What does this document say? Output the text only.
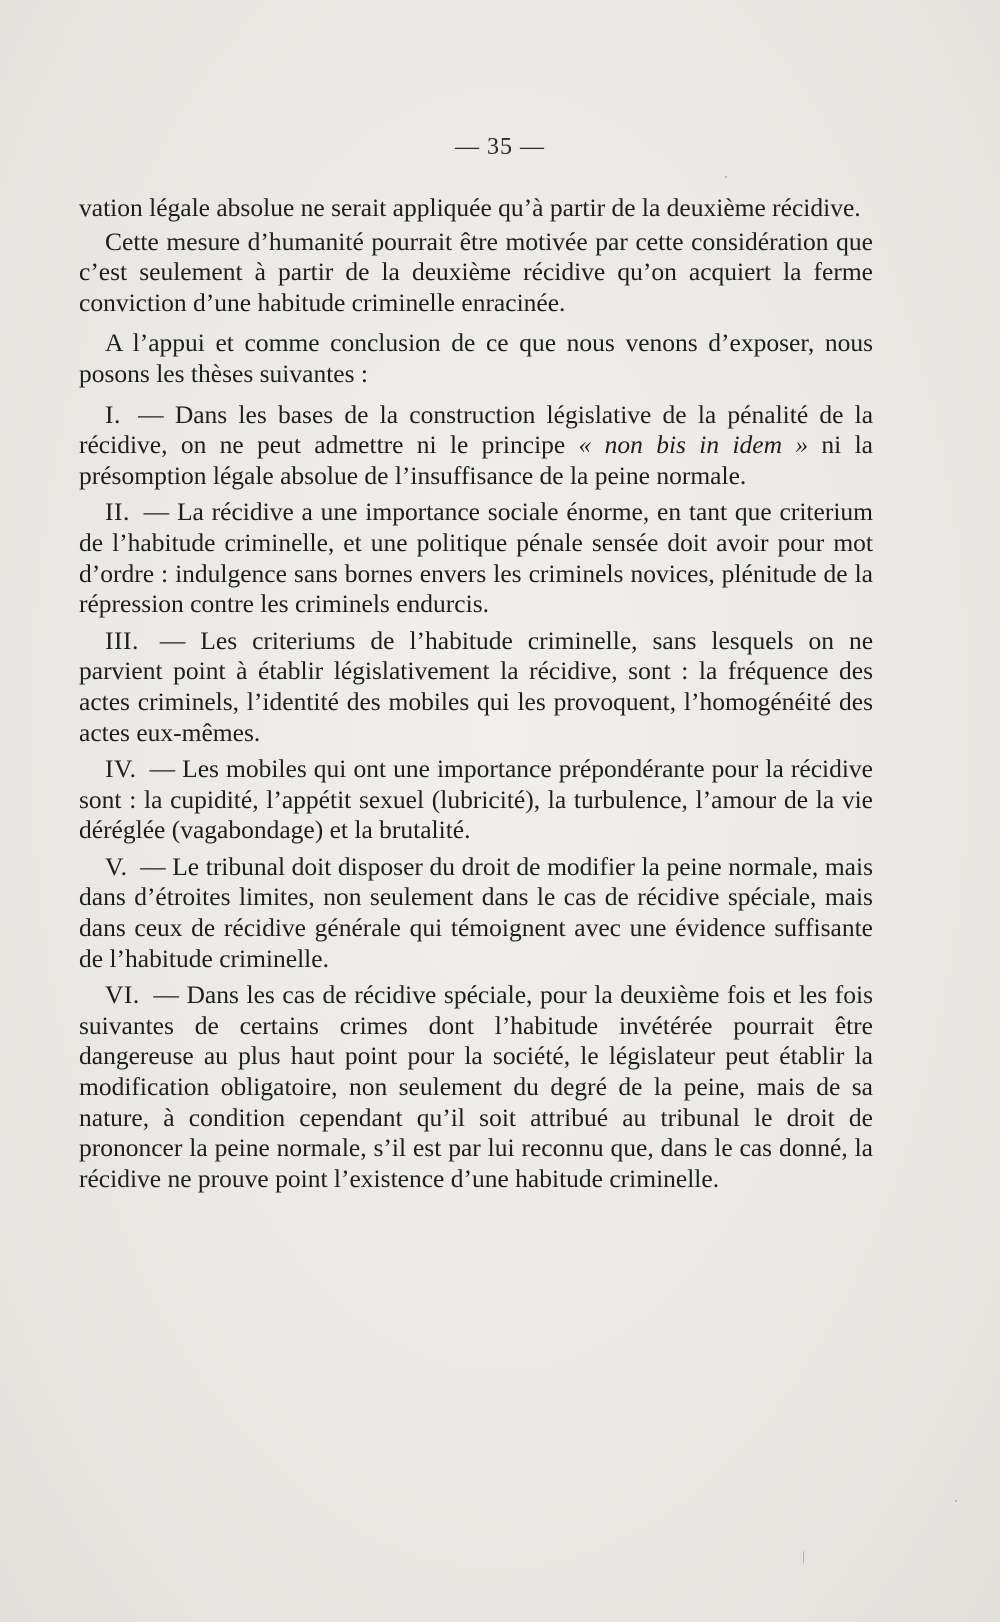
— 35 —

vation légale absolue ne serait appliquée qu’à partir de la deuxième récidive.

Cette mesure d’humanité pourrait être motivée par cette considération que c’est seulement à partir de la deuxième récidive qu’on acquiert la ferme conviction d’une habitude criminelle enracinée.

A l’appui et comme conclusion de ce que nous venons d’exposer, nous posons les thèses suivantes :

I. — Dans les bases de la construction législative de la pénalité de la récidive, on ne peut admettre ni le principe « non bis in idem » ni la présomption légale absolue de l’insuffisance de la peine normale.

II. — La récidive a une importance sociale énorme, en tant que criterium de l’habitude criminelle, et une politique pénale sensée doit avoir pour mot d’ordre : indulgence sans bornes envers les criminels novices, plénitude de la répression contre les criminels endurcis.

III. — Les criteriums de l’habitude criminelle, sans lesquels on ne parvient point à établir législativement la récidive, sont : la fréquence des actes criminels, l’identité des mobiles qui les provoquent, l’homogénéité des actes eux-mêmes.

IV. — Les mobiles qui ont une importance prépondérante pour la récidive sont : la cupidité, l’appétit sexuel (lubricité), la turbulence, l’amour de la vie déréglée (vagabondage) et la brutalité.

V. — Le tribunal doit disposer du droit de modifier la peine normale, mais dans d’étroites limites, non seulement dans le cas de récidive spéciale, mais dans ceux de récidive générale qui témoignent avec une évidence suffisante de l’habitude criminelle.

VI. — Dans les cas de récidive spéciale, pour la deuxième fois et les fois suivantes de certains crimes dont l’habitude invétérée pourrait être dangereuse au plus haut point pour la société, le législateur peut établir la modification obligatoire, non seulement du degré de la peine, mais de sa nature, à condition cependant qu’il soit attribué au tribunal le droit de prononcer la peine normale, s’il est par lui reconnu que, dans le cas donné, la récidive ne prouve point l’existence d’une habitude criminelle.
